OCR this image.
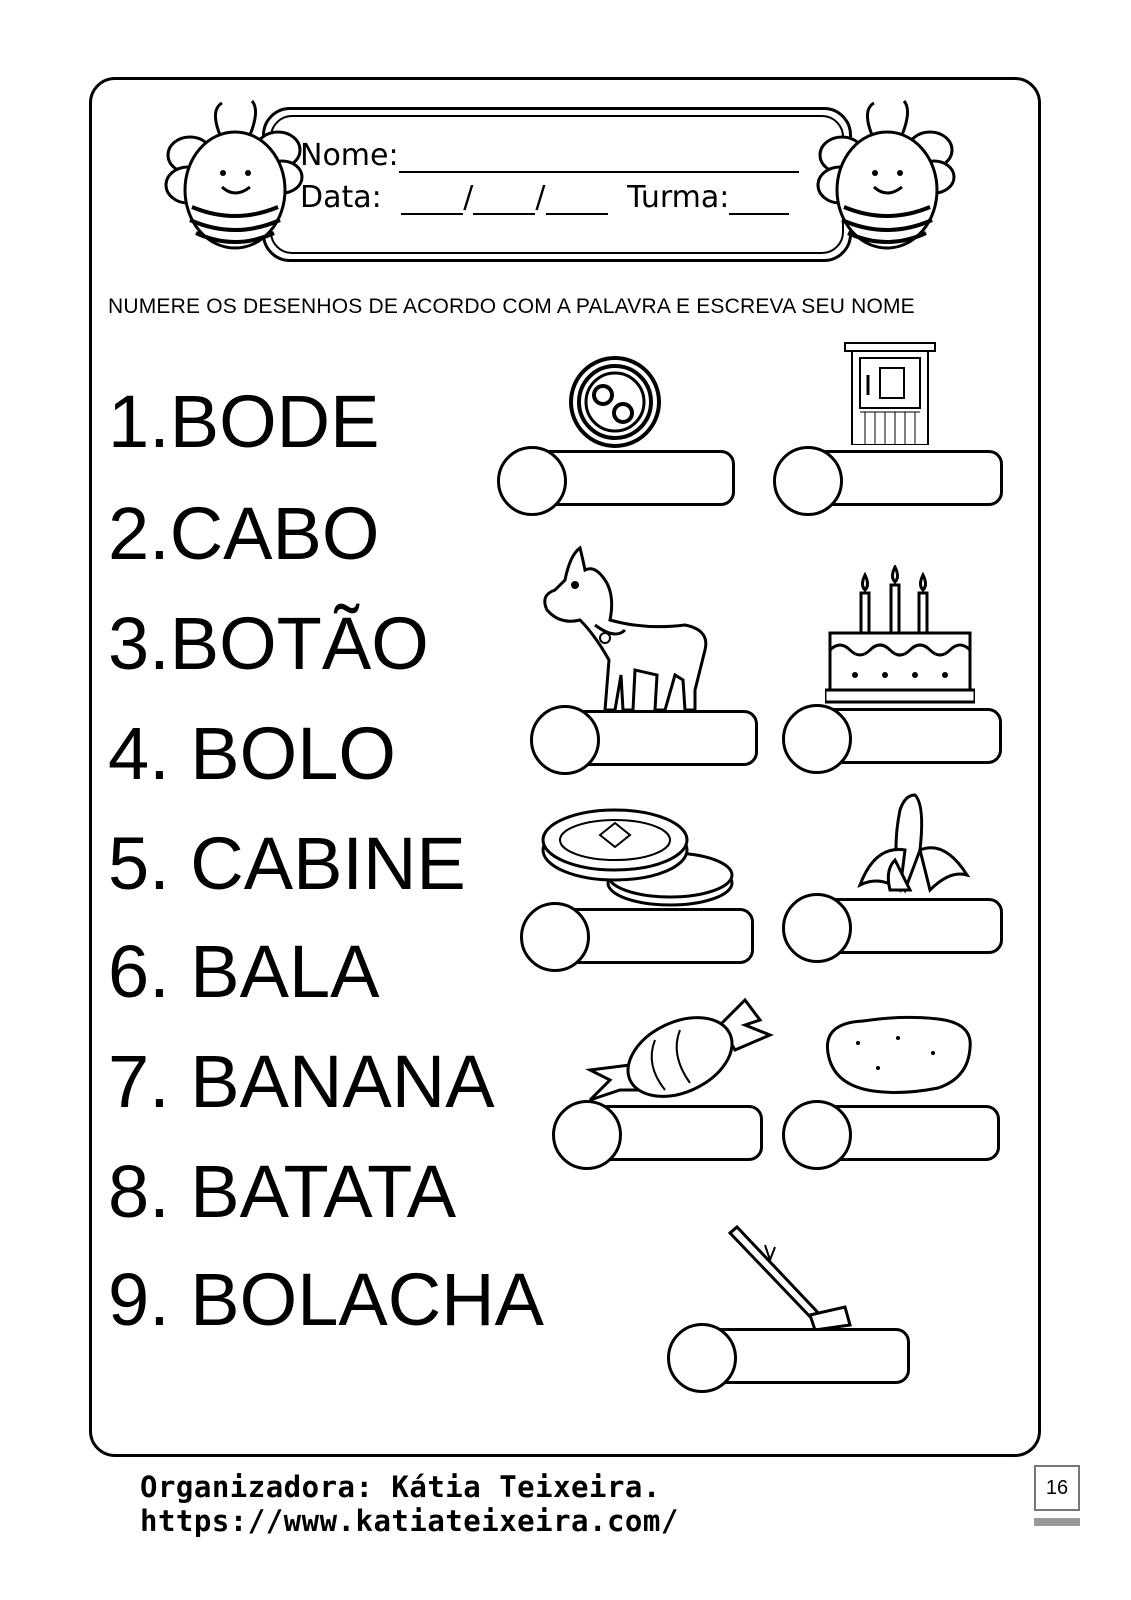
Nome:
Data:	/ /	Turma:
NUMERE OS DESENHOS DE ACORDO COM A PALAVRA E ESCREVA SEU NOME
1.BODE
2.CABO
3.BOTÃO
4. BOLO
5. CABINE
6. BALA
7. BANANA
8. BATATA
9. BOLACHA
Organizadora: Kátia Teixeira. https://www.katiateixeira.com/
16
